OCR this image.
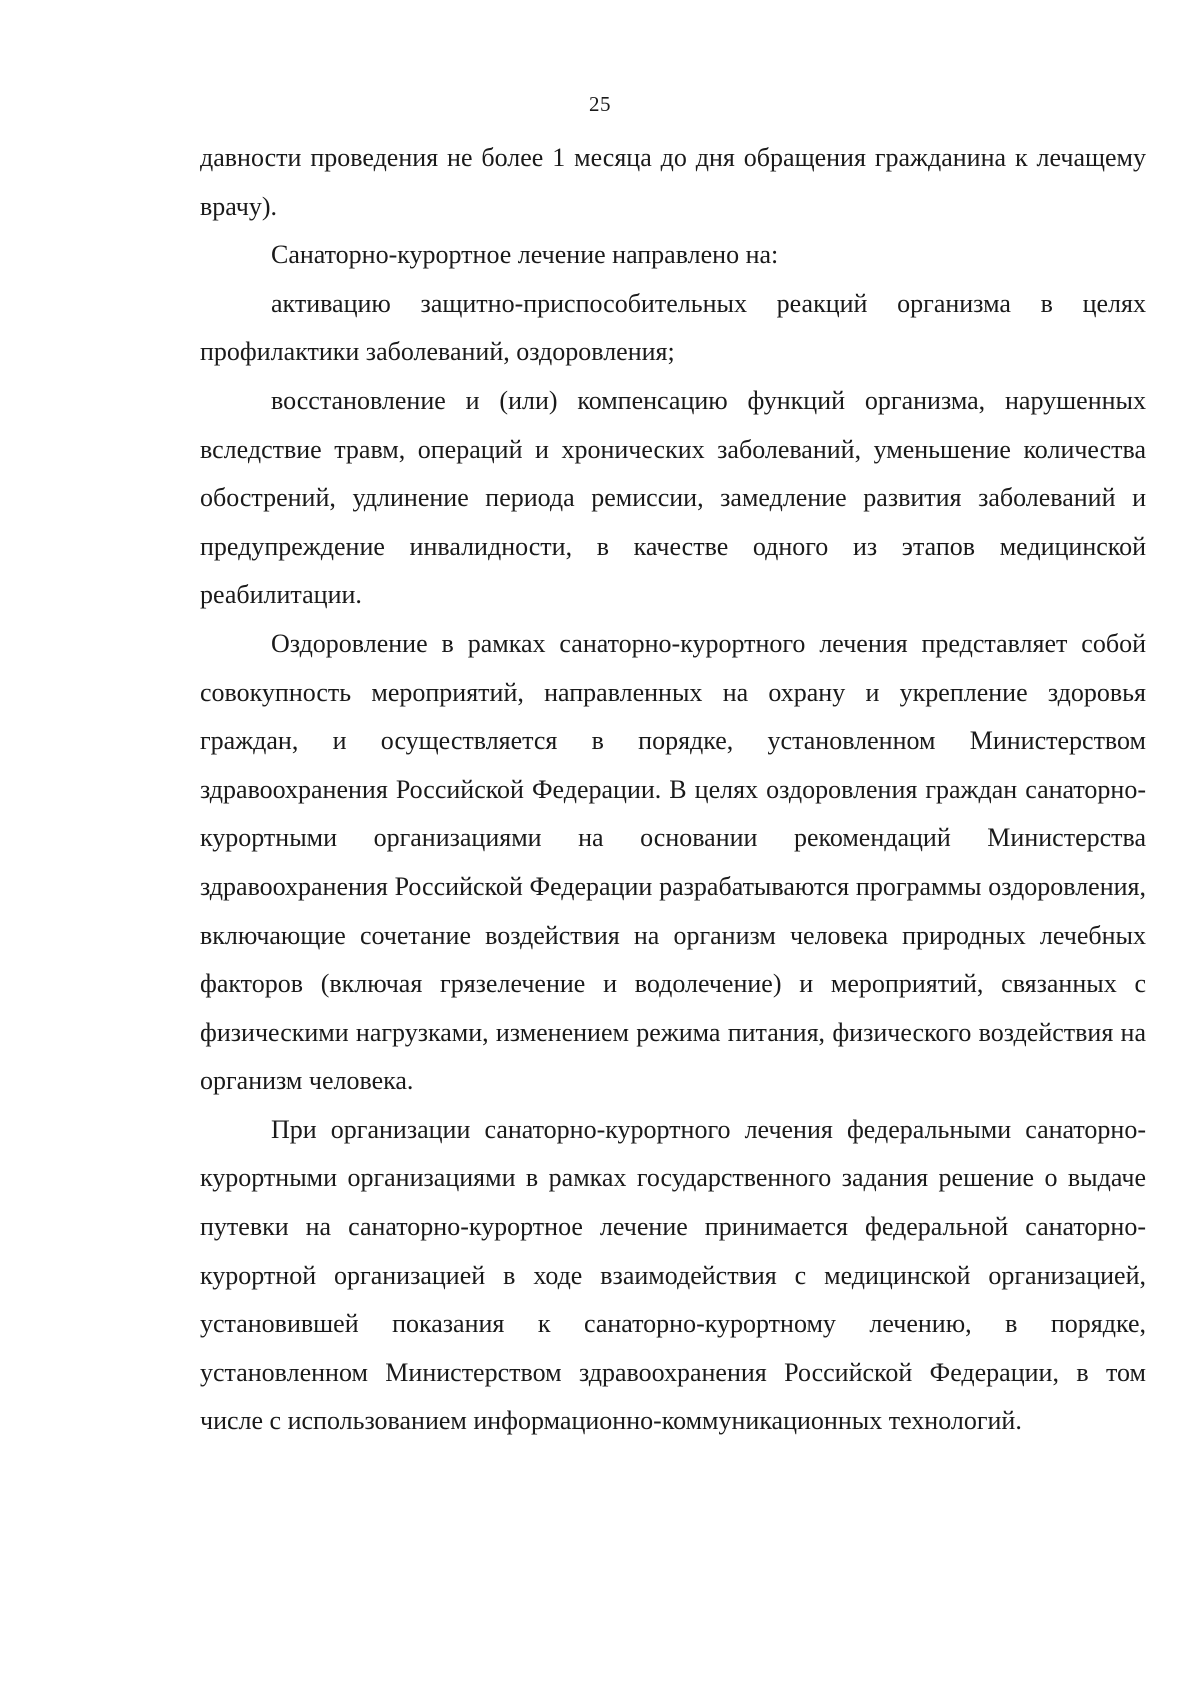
25

давности проведения не более 1 месяца до дня обращения гражданина к лечащему врачу).

Санаторно-курортное лечение направлено на:

активацию защитно-приспособительных реакций организма в целях профилактики заболеваний, оздоровления;

восстановление и (или) компенсацию функций организма, нарушенных вследствие травм, операций и хронических заболеваний, уменьшение количества обострений, удлинение периода ремиссии, замедление развития заболеваний и предупреждение инвалидности, в качестве одного из этапов медицинской реабилитации.

Оздоровление в рамках санаторно-курортного лечения представляет собой совокупность мероприятий, направленных на охрану и укрепление здоровья граждан, и осуществляется в порядке, установленном Министерством здравоохранения Российской Федерации. В целях оздоровления граждан санаторно-курортными организациями на основании рекомендаций Министерства здравоохранения Российской Федерации разрабатываются программы оздоровления, включающие сочетание воздействия на организм человека природных лечебных факторов (включая грязелечение и водолечение) и мероприятий, связанных с физическими нагрузками, изменением режима питания, физического воздействия на организм человека.

При организации санаторно-курортного лечения федеральными санаторно-курортными организациями в рамках государственного задания решение о выдаче путевки на санаторно-курортное лечение принимается федеральной санаторно-курортной организацией в ходе взаимодействия с медицинской организацией, установившей показания к санаторно-курортному лечению, в порядке, установленном Министерством здравоохранения Российской Федерации, в том числе с использованием информационно-коммуникационных технологий.
